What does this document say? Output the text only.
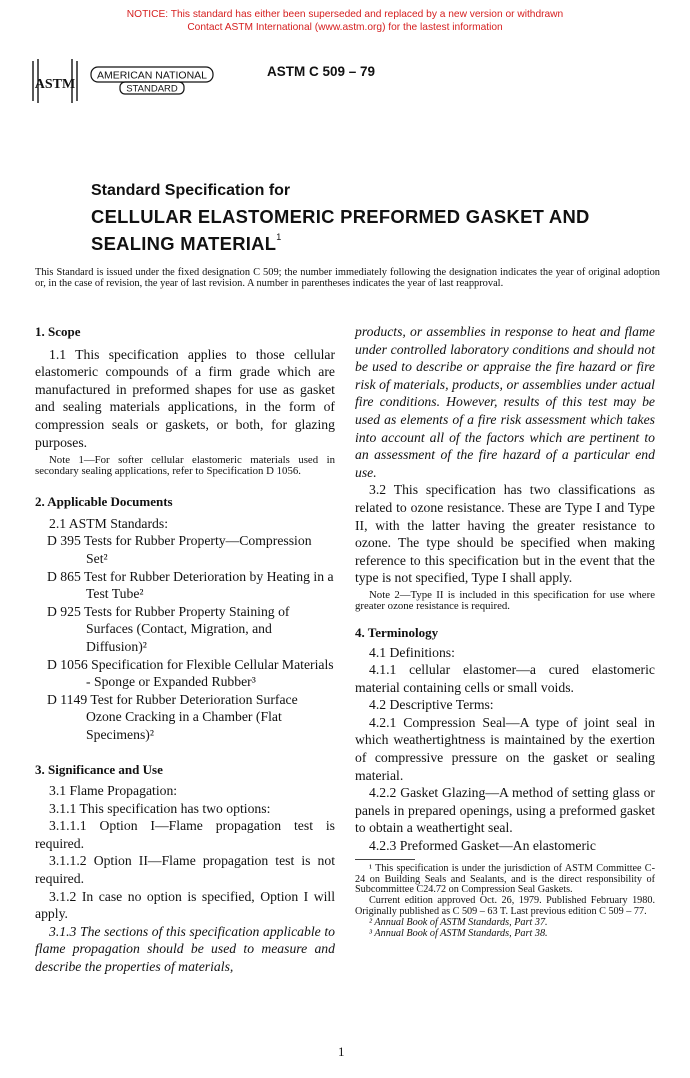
NOTICE: This standard has either been superseded and replaced by a new version or withdrawn
Contact ASTM International (www.astm.org) for the lastest information
ASTM
AMERICAN NATIONAL
STANDARD
ASTM C 509 – 79
Standard Specification for
CELLULAR ELASTOMERIC PREFORMED GASKET AND
SEALING MATERIAL$^1$
This Standard is issued under the fixed designation C 509; the number immediately following the designation indicates the year of original adoption or, in the case of revision, the year of last revision. A number in parentheses indicates the year of last reapproval.

1. Scope

1.1 This specification applies to those cellular elastomeric compounds of a firm grade which are manufactured in preformed shapes for use as gasket and sealing materials applications, in the form of compression seals or gaskets, or both, for glazing purposes.

Note 1—For softer cellular elastomeric materials used in secondary sealing applications, refer to Specification D 1056.

2. Applicable Documents

2.1 ASTM Standards:

D 395 Tests for Rubber Property—Compression Set²

D 865 Test for Rubber Deterioration by Heating in a Test Tube²

D 925 Tests for Rubber Property Staining of Surfaces (Contact, Migration, and Diffusion)²

D 1056 Specification for Flexible Cellular Materials - Sponge or Expanded Rubber³

D 1149 Test for Rubber Deterioration Surface Ozone Cracking in a Chamber (Flat Specimens)²

3. Significance and Use

3.1 Flame Propagation:

3.1.1 This specification has two options:

3.1.1.1 Option I—Flame propagation test is required.

3.1.1.2 Option II—Flame propagation test is not required.

3.1.2 In case no option is specified, Option I will apply.

3.1.3 The sections of this specification applicable to flame propagation should be used to measure and describe the properties of materials,

products, or assemblies in response to heat and flame under controlled laboratory conditions and should not be used to describe or appraise the fire hazard or fire risk of materials, products, or assemblies under actual fire conditions. However, results of this test may be used as elements of a fire risk assessment which takes into account all of the factors which are pertinent to an assessment of the fire hazard of a particular end use.

3.2 This specification has two classifications as related to ozone resistance. These are Type I and Type II, with the latter having the greater resistance to ozone. The type should be specified when making reference to this specification but in the event that the type is not specified, Type I shall apply.

Note 2—Type II is included in this specification for use where greater ozone resistance is required.

4. Terminology

4.1 Definitions:

4.1.1 cellular elastomer—a cured elastomeric material containing cells or small voids.

4.2 Descriptive Terms:

4.2.1 Compression Seal—A type of joint seal in which weathertightness is maintained by the exertion of compressive pressure on the gasket or sealing material.

4.2.2 Gasket Glazing—A method of setting glass or panels in prepared openings, using a preformed gasket to obtain a weathertight seal.

4.2.3 Preformed Gasket—An elastomeric

¹ This specification is under the jurisdiction of ASTM Committee C-24 on Building Seals and Sealants, and is the direct responsibility of Subcommittee C24.72 on Compression Seal Gaskets.

Current edition approved Oct. 26, 1979. Published February 1980. Originally published as C 509 – 63 T. Last previous edition C 509 – 77.

² Annual Book of ASTM Standards, Part 37.

³ Annual Book of ASTM Standards, Part 38.

1
